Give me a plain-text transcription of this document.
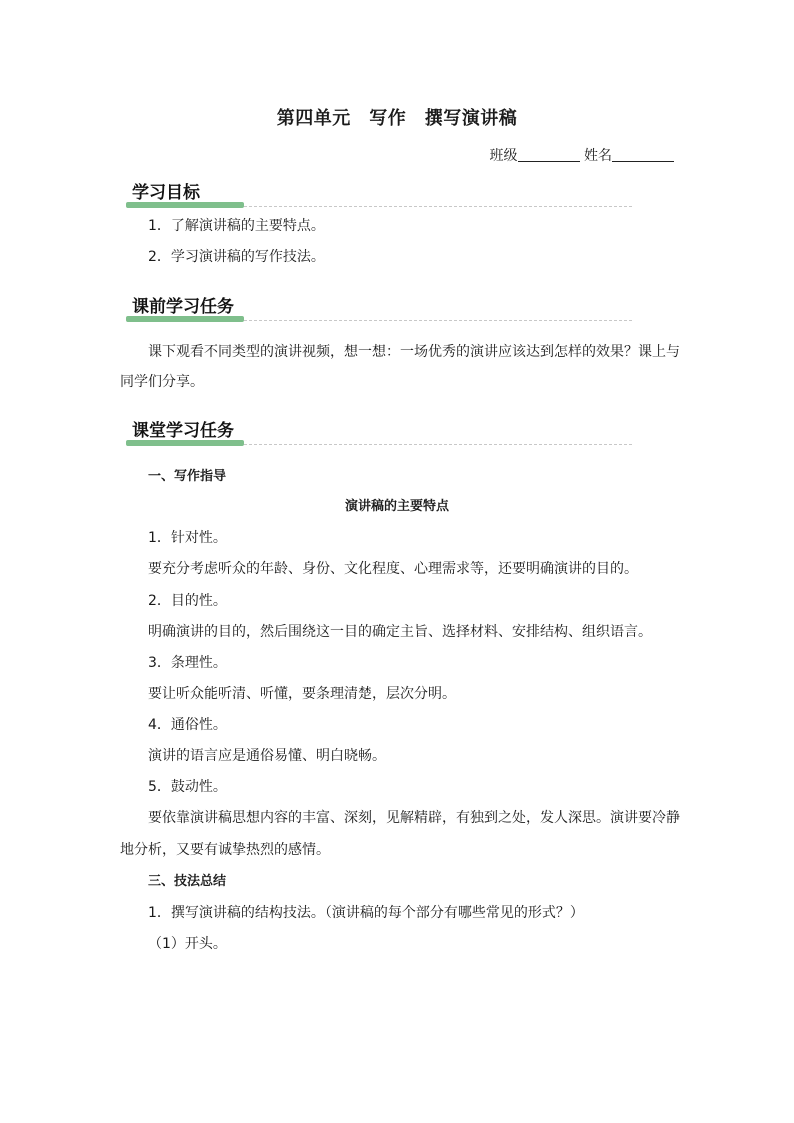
第四单元　写作　撰写演讲稿
班级	姓名
学习目标
1．了解演讲稿的主要特点。
2．学习演讲稿的写作技法。
课前学习任务
课下观看不同类型的演讲视频，想一想：一场优秀的演讲应该达到怎样的效果？课上与
同学们分享。
课堂学习任务
一、写作指导
演讲稿的主要特点
1．针对性。
要充分考虑听众的年龄、身份、文化程度、心理需求等，还要明确演讲的目的。
2．目的性。
明确演讲的目的，然后围绕这一目的确定主旨、选择材料、安排结构、组织语言。
3．条理性。
要让听众能听清、听懂，要条理清楚，层次分明。
4．通俗性。
演讲的语言应是通俗易懂、明白晓畅。
5．鼓动性。
要依靠演讲稿思想内容的丰富、深刻，见解精辟，有独到之处，发人深思。演讲要冷静
地分析，又要有诚挚热烈的感情。
三、技法总结
1．撰写演讲稿的结构技法。（演讲稿的每个部分有哪些常见的形式？）
（1）开头。
